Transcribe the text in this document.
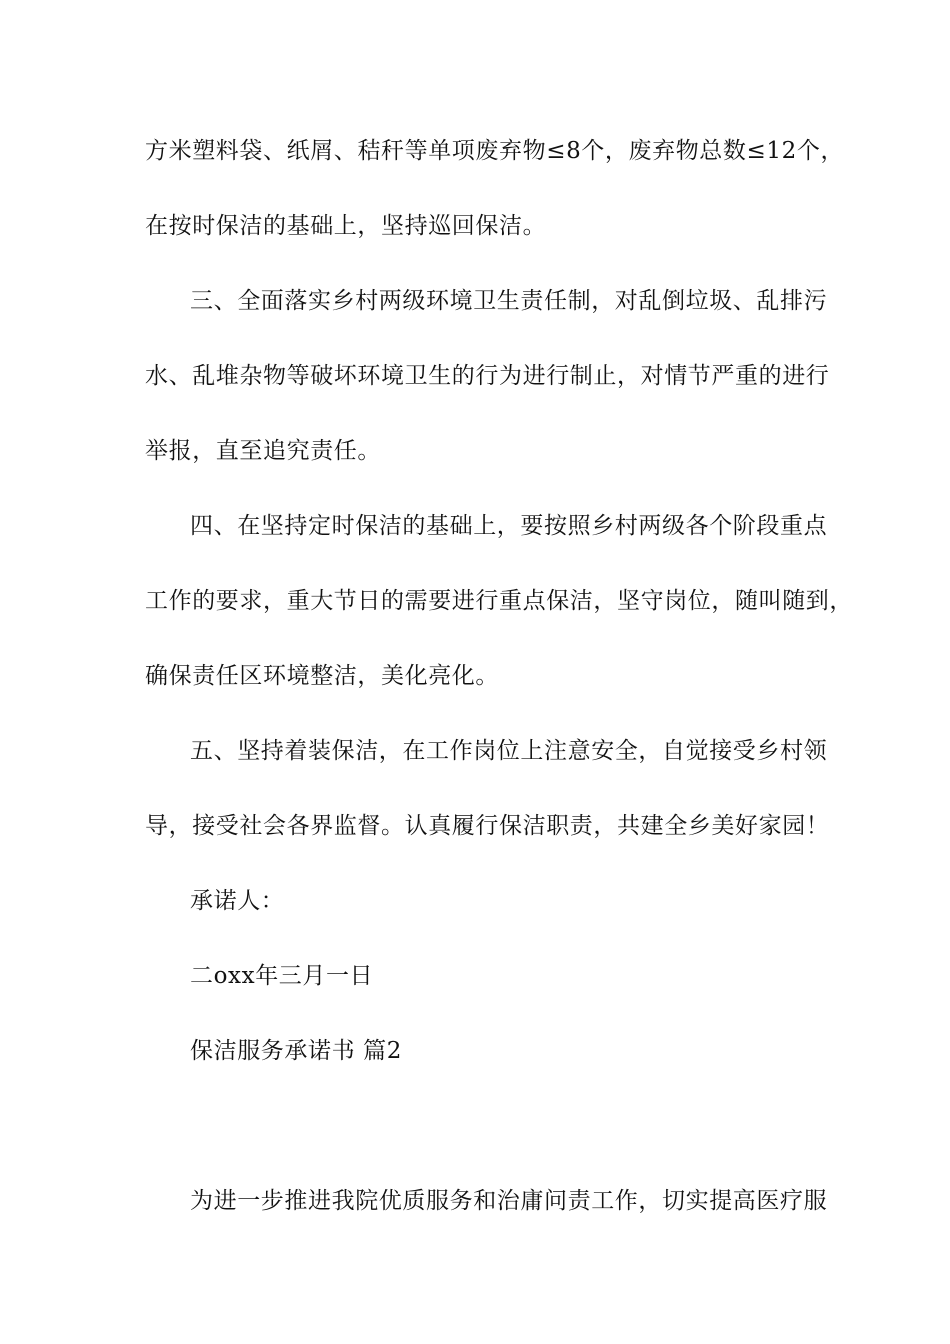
方米塑料袋、纸屑、秸秆等单项废弃物≤8个，废弃物总数≤12个，
在按时保洁的基础上，坚持巡回保洁。
三、全面落实乡村两级环境卫生责任制，对乱倒垃圾、乱排污
水、乱堆杂物等破坏环境卫生的行为进行制止，对情节严重的进行
举报，直至追究责任。
四、在坚持定时保洁的基础上，要按照乡村两级各个阶段重点
工作的要求，重大节日的需要进行重点保洁，坚守岗位，随叫随到，
确保责任区环境整洁，美化亮化。
五、坚持着装保洁，在工作岗位上注意安全，自觉接受乡村领
导，接受社会各界监督。认真履行保洁职责，共建全乡美好家园！
承诺人：
二oxx年三月一日
保洁服务承诺书 篇2
为进一步推进我院优质服务和治庸问责工作，切实提高医疗服
